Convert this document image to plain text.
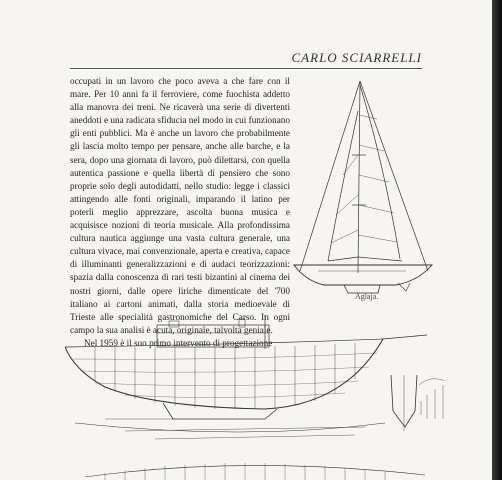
CARLO SCIARRELLI

occupati in un lavoro che poco aveva a che fare con il mare. Per 10 anni fa il ferroviere, come fuochista addetto alla manovra dei treni. Ne ricaverà una serie di divertenti aneddoti e una radicata sfiducia nel modo in cui funzionano gli enti pubblici. Ma è anche un lavoro che probabilmente gli lascia molto tempo per pensare, anche alle barche, e la sera, dopo una giornata di lavoro, può dilettarsi, con quella autentica passione e quella libertà di pensiero che sono proprie solo degli autodidatti, nello studio: legge i classici attingendo alle fonti originali, imparando il latino per poterli meglio apprezzare, ascolta buona musica e acquisisce nozioni di teoria musicale. Alla profondissima cultura nautica aggiunge una vasta cultura generale, una cultura vivace, mai convenzionale, aperta e creativa, capace di illuminanti generalizzazioni e di audaci teorizzazioni: spazia dalla conoscenza di rari testi bizantini al cinema dei nostri giorni, dalle opere liriche dimenticate del '700 italiano ai cartoni animati, dalla storia medioevale di Trieste alle specialità gastronomiche del Carso. In ogni campo la sua analisi è acuta, originale, talvolta geniale.

Nel 1959 è il suo primo intervento di progettazione

Aglaja.
